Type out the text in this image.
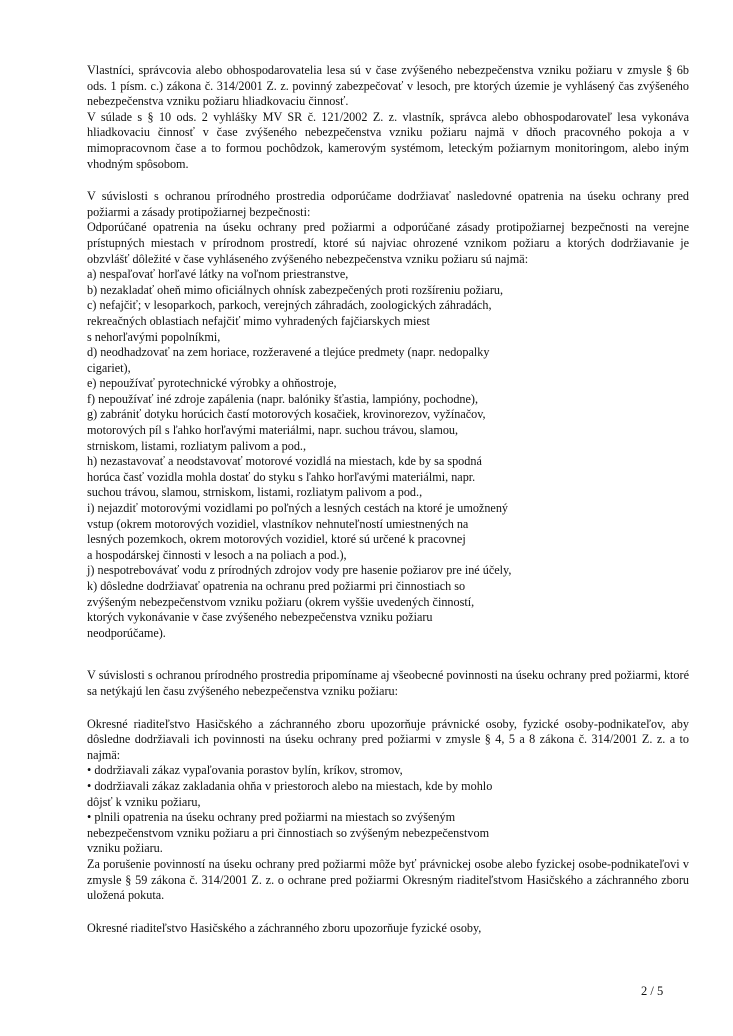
Vlastníci, správcovia alebo obhospodarovatelia lesa sú v čase zvýšeného nebezpečenstva vzniku požiaru v zmysle § 6b ods. 1 písm. c.) zákona č. 314/2001 Z. z. povinný zabezpečovať v lesoch, pre ktorých územie je vyhlásený čas zvýšeného nebezpečenstva vzniku požiaru hliadkovaciu činnosť.

V súlade s § 10 ods. 2 vyhlášky MV SR č. 121/2002 Z. z. vlastník, správca alebo obhospodarovateľ lesa vykonáva hliadkovaciu činnosť v čase zvýšeného nebezpečenstva vzniku požiaru najmä v dňoch pracovného pokoja a v mimopracovnom čase a to formou pochôdzok, kamerovým systémom, leteckým požiarnym monitoringom, alebo iným vhodným spôsobom.

V súvislosti s ochranou prírodného prostredia odporúčame dodržiavať nasledovné opatrenia na úseku ochrany pred požiarmi a zásady protipožiarnej bezpečnosti:

Odporúčané opatrenia na úseku ochrany pred požiarmi a odporúčané zásady protipožiarnej bezpečnosti na verejne prístupných miestach v prírodnom prostredí, ktoré sú najviac ohrozené vznikom požiaru a ktorých dodržiavanie je obzvlášť dôležité v čase vyhláseného zvýšeného nebezpečenstva vzniku požiaru sú najmä:

a) nespaľovať horľavé látky na voľnom priestranstve,
b) nezakladať oheň mimo oficiálnych ohnísk zabezpečených proti rozšíreniu požiaru,
c) nefajčiť; v lesoparkoch, parkoch, verejných záhradách, zoologických záhradách,
rekreačných oblastiach nefajčiť mimo vyhradených fajčiarskych miest
s nehorľavými popolníkmi,
d) neodhadzovať na zem horiace, rozžeravené a tlejúce predmety (napr. nedopalky
cigariet),
e) nepoužívať pyrotechnické výrobky a ohňostroje,
f) nepoužívať iné zdroje zapálenia (napr. balóniky šťastia, lampióny, pochodne),
g) zabrániť dotyku horúcich častí motorových kosačiek, krovinorezov, vyžínačov,
motorových píl s ľahko horľavými materiálmi, napr. suchou trávou, slamou,
strniskom, listami, rozliatym palivom a pod.,
h) nezastavovať a neodstavovať motorové vozidlá na miestach, kde by sa spodná
horúca časť vozidla mohla dostať do styku s ľahko horľavými materiálmi, napr.
suchou trávou, slamou, strniskom, listami, rozliatym palivom a pod.,
i) nejazdiť motorovými vozidlami po poľných a lesných cestách na ktoré je umožnený
vstup (okrem motorových vozidiel, vlastníkov nehnuteľností umiestnených na
lesných pozemkoch, okrem motorových vozidiel, ktoré sú určené k pracovnej
a hospodárskej činnosti v lesoch a na poliach a pod.),
j) nespotrebovávať vodu z prírodných zdrojov vody pre hasenie požiarov pre iné účely,
k) dôsledne dodržiavať opatrenia na ochranu pred požiarmi pri činnostiach so
zvýšeným nebezpečenstvom vzniku požiaru (okrem vyššie uvedených činností,
ktorých vykonávanie v čase zvýšeného nebezpečenstva vzniku požiaru
neodporúčame).

V súvislosti s ochranou prírodného prostredia pripomíname aj všeobecné povinnosti na úseku ochrany pred požiarmi, ktoré sa netýkajú len času zvýšeného nebezpečenstva vzniku požiaru:

Okresné riaditeľstvo Hasičského a záchranného zboru upozorňuje právnické osoby, fyzické osoby-podnikateľov, aby dôsledne dodržiavali ich povinnosti na úseku ochrany pred požiarmi v zmysle § 4, 5 a 8 zákona č. 314/2001 Z. z. a to najmä:

• dodržiavali zákaz vypaľovania porastov bylín, kríkov, stromov,
• dodržiavali zákaz zakladania ohňa v priestoroch alebo na miestach, kde by mohlo
dôjsť k vzniku požiaru,
• plnili opatrenia na úseku ochrany pred požiarmi na miestach so zvýšeným
nebezpečenstvom vzniku požiaru a pri činnostiach so zvýšeným nebezpečenstvom
vzniku požiaru.

Za porušenie povinností na úseku ochrany pred požiarmi môže byť právnickej osobe alebo fyzickej osobe-podnikateľovi v zmysle § 59 zákona č. 314/2001 Z. z. o ochrane pred požiarmi Okresným riaditeľstvom Hasičského a záchranného zboru uložená pokuta.

Okresné riaditeľstvo Hasičského a záchranného zboru upozorňuje fyzické osoby,

2 / 5
